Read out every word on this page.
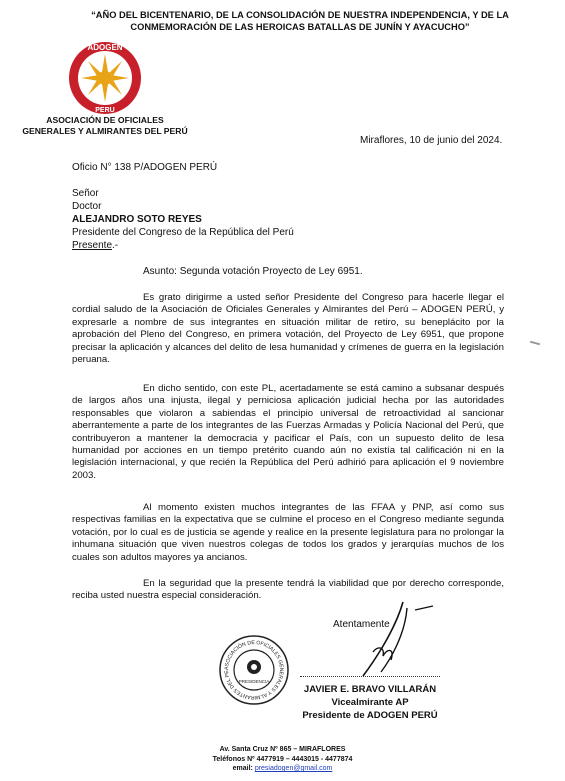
“AÑO DEL BICENTENARIO, DE LA CONSOLIDACIÓN DE NUESTRA INDEPENDENCIA, Y DE LA
CONMEMORACIÓN DE LAS HEROICAS BATALLAS DE JUNÍN Y AYACUCHO”
ADOGEN
PERU
ASOCIACIÓN DE OFICIALES
GENERALES Y ALMIRANTES DEL PERÚ
Miraflores, 10 de junio del 2024.
Oficio N° 138 P/ADOGEN PERÚ
Señor
Doctor
ALEJANDRO SOTO REYES
Presidente del Congreso de la República del Perú
Presente.-
Asunto: Segunda votación Proyecto de Ley 6951.

Es grato dirigirme a usted señor Presidente del Congreso para hacerle llegar el cordial saludo de la Asociación de Oficiales Generales y Almirantes del Perú – ADOGEN PERÚ, y expresarle a nombre de sus integrantes en situación militar de retiro, su beneplácito por la aprobación del Pleno del Congreso, en primera votación, del Proyecto de Ley 6951, que propone precisar la aplicación y alcances del delito de lesa humanidad y crímenes de guerra en la legislación peruana.

En dicho sentido, con este PL, acertadamente se está camino a subsanar después de largos años una injusta, ilegal y perniciosa aplicación judicial hecha por las autoridades responsables que violaron a sabiendas el principio universal de retroactividad al sancionar aberrantemente a parte de los integrantes de las Fuerzas Armadas y Policía Nacional del Perú, que contribuyeron a mantener la democracia y pacificar el País, con un supuesto delito de lesa humanidad por acciones en un tiempo pretérito cuando aún no existía tal calificación ni en la legislación internacional, y que recién la República del Perú adhirió para aplicación el 9 noviembre 2003.

Al momento existen muchos integrantes de las FFAA y PNP, así como sus respectivas familias en la expectativa que se culmine el proceso en el Congreso mediante segunda votación, por lo cual es de justicia se agende y realice en la presente legislatura para no prolongar la inhumana situación que viven nuestros colegas de todos los grados y jerarquías muchos de los cuales son adultos mayores ya ancianos.

En la seguridad que la presente tendrá la viabilidad que por derecho corresponde, reciba usted nuestra especial consideración.

Atentamente
ASOCIACIÓN DE OFICIALES GENERALES Y ALMIRANTES DEL PE
PRESIDENCIA
JAVIER E. BRAVO VILLARÁN
Vicealmirante AP
Presidente de ADOGEN PERÚ
Av. Santa Cruz Nº 865 – MIRAFLORES
Teléfonos Nº 4477919 – 4443015 - 4477874
email: presiadogen@gmail.com
